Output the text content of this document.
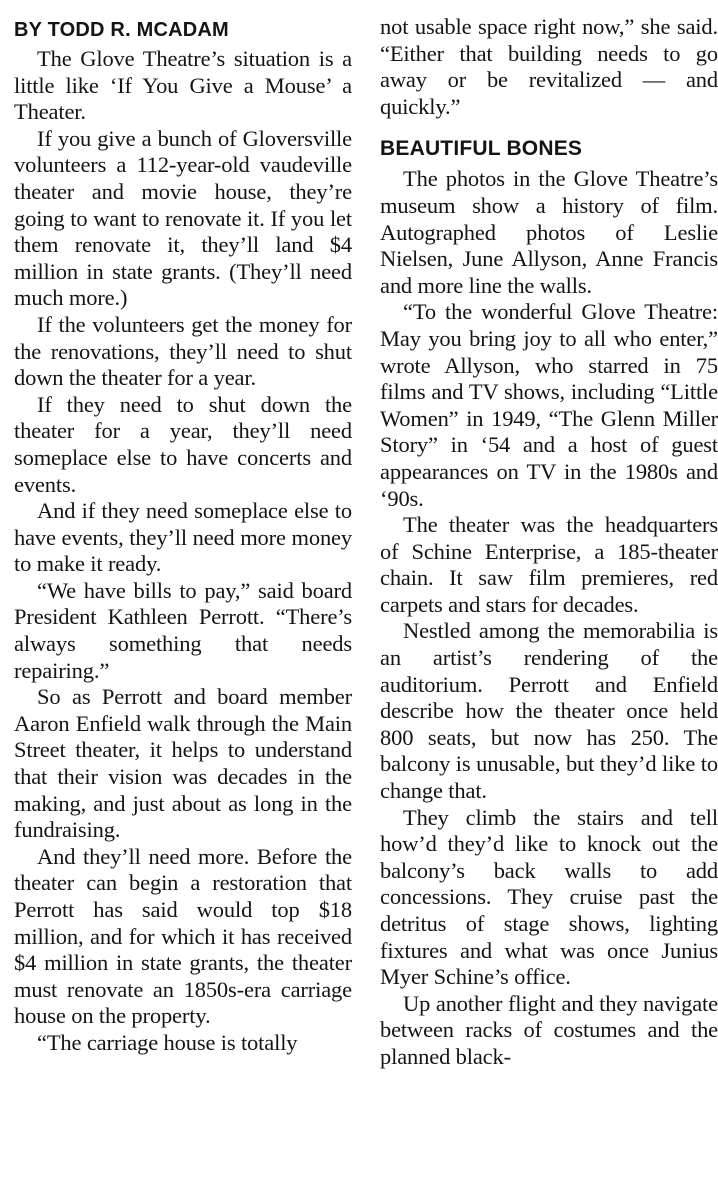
BY TODD R. MCADAM

The Glove Theatre’s situation is a little like ‘If You Give a Mouse’ a Theater.

If you give a bunch of Gloversville volunteers a 112-year-old vaudeville theater and movie house, they’re going to want to renovate it. If you let them renovate it, they’ll land $4 million in state grants. (They’ll need much more.)

If the volunteers get the money for the renovations, they’ll need to shut down the theater for a year.

If they need to shut down the theater for a year, they’ll need someplace else to have concerts and events.

And if they need someplace else to have events, they’ll need more money to make it ready.

“We have bills to pay,” said board President Kathleen Perrott. “There’s always something that needs repairing.”

So as Perrott and board member Aaron Enfield walk through the Main Street theater, it helps to understand that their vision was decades in the making, and just about as long in the fundraising.

And they’ll need more. Before the theater can begin a restoration that Perrott has said would top $18 million, and for which it has received $4 million in state grants, the theater must renovate an 1850s-era carriage house on the property.

“The carriage house is totally

not usable space right now,” she said. “Either that building needs to go away or be revitalized — and quickly.”

BEAUTIFUL BONES

The photos in the Glove Theatre’s museum show a history of film. Autographed photos of Leslie Nielsen, June Allyson, Anne Francis and more line the walls.

“To the wonderful Glove Theatre: May you bring joy to all who enter,” wrote Allyson, who starred in 75 films and TV shows, including “Little Women” in 1949, “The Glenn Miller Story” in ‘54 and a host of guest appearances on TV in the 1980s and ‘90s.

The theater was the headquarters of Schine Enterprise, a 185-theater chain. It saw film premieres, red carpets and stars for decades.

Nestled among the memorabilia is an artist’s rendering of the auditorium. Perrott and Enfield describe how the theater once held 800 seats, but now has 250. The balcony is unusable, but they’d like to change that.

They climb the stairs and tell how’d they’d like to knock out the balcony’s back walls to add concessions. They cruise past the detritus of stage shows, lighting fixtures and what was once Junius Myer Schine’s office.

Up another flight and they navigate between racks of costumes and the planned black-
